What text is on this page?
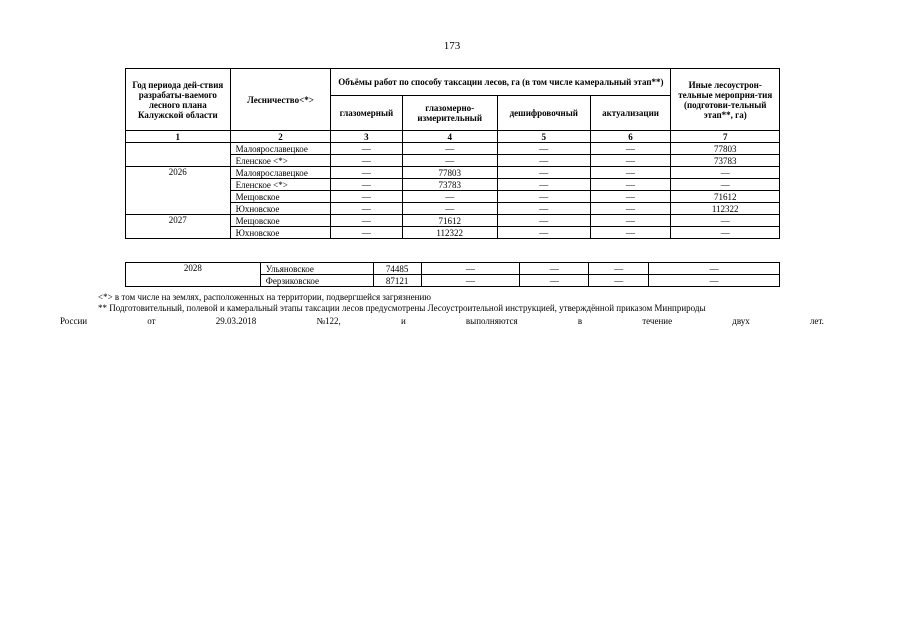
173
Год периода дей-ствия разрабаты-ваемого лесного плана Калужской области	Лесничество<*>	Объёмы работ по способу таксации лесов, га (в том числе камеральный этап**)				Иные лесоустрон-тельные меропрня-тия (подготови-тельный этап**, га)
		глазомерный	глазомерно-измерительный	дешифровочный	актуализации	
1	2	3	4	5	6	7
	Малоярославецкое	—	—	—	—	77803
	Еленское <*>	—	—	—	—	73783
2026	Малоярославецкое	—	77803	—	—	—
	Еленское <*>	—	73783	—	—	—
	Мещовское	—	—	—	—	71612
	Юхновское	—	—	—	—	112322
2027	Мещовское	—	71612	—	—	—
	Юхновское	—	112322	—	—	—
2028	Ульяновское	74485	—	—	—	—
	Ферзиковское	87121	—	—	—	—
<*> в том числе на землях, расположенных на территории, подвергшейся загрязнению
** Подготовительный, полевой и камеральный этапы таксации лесов предусмотрены Лесоустроительной инструкцией, утверждённой приказом Минприроды
России	от	29.03.2018	№122,	и	выполняются	в	течение	двух	лет.
